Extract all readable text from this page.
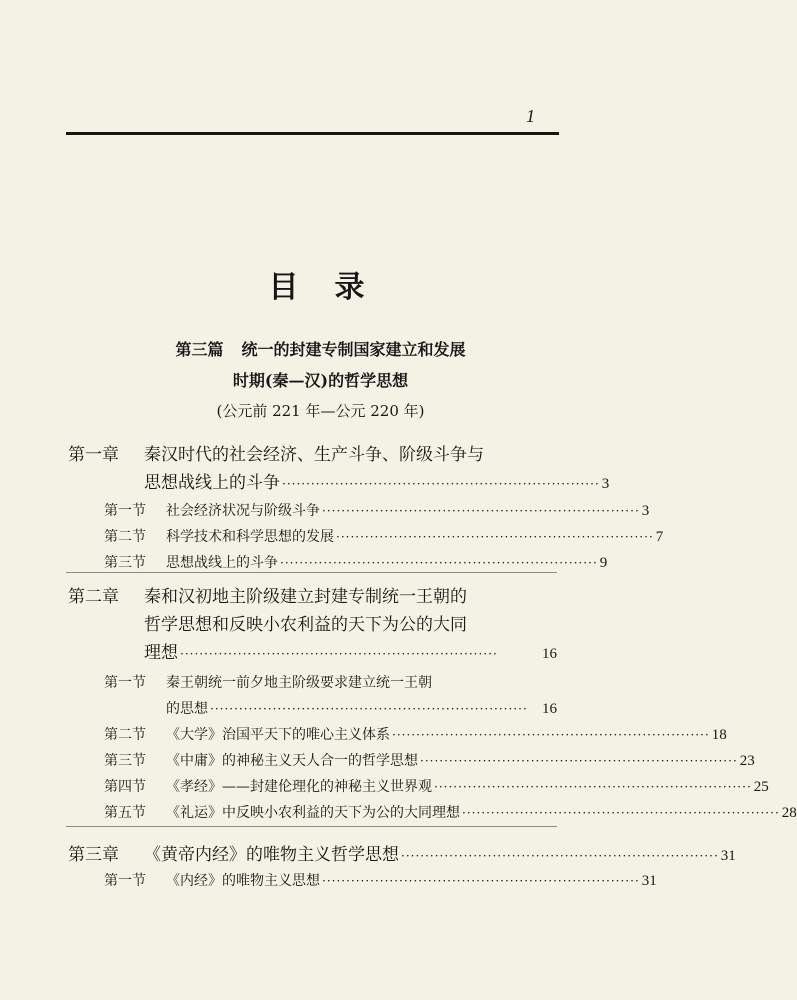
1
目录
第三篇 统一的封建专制国家建立和发展
时期(秦—汉)的哲学思想
(公元前 221 年—公元 220 年)
第一章 秦汉时代的社会经济、生产斗争、阶级斗争与
思想战线上的斗争 ·································································· 3
第一节	社会经济状况与阶级斗争 ·································································· 3
第二节	科学技术和科学思想的发展 ·································································· 7
第三节	思想战线上的斗争 ·································································· 9
第二章 秦和汉初地主阶级建立封建专制统一王朝的
哲学思想和反映小农利益的天下为公的大同
理想 ··································································	16
第一节 秦王朝统一前夕地主阶级要求建立统一王朝
的思想 ·································································· 16
第二节	《大学》治国平天下的唯心主义体系 ·································································· 18
第三节	《中庸》的神秘主义天人合一的哲学思想 ·································································· 23
第四节	《孝经》——封建伦理化的神秘主义世界观 ·································································· 25
第五节	《礼运》中反映小农利益的天下为公的大同理想 ·································································· 28
第三章	《黄帝内经》的唯物主义哲学思想 ·································································· 31
第一节	《内经》的唯物主义思想 ·································································· 31
